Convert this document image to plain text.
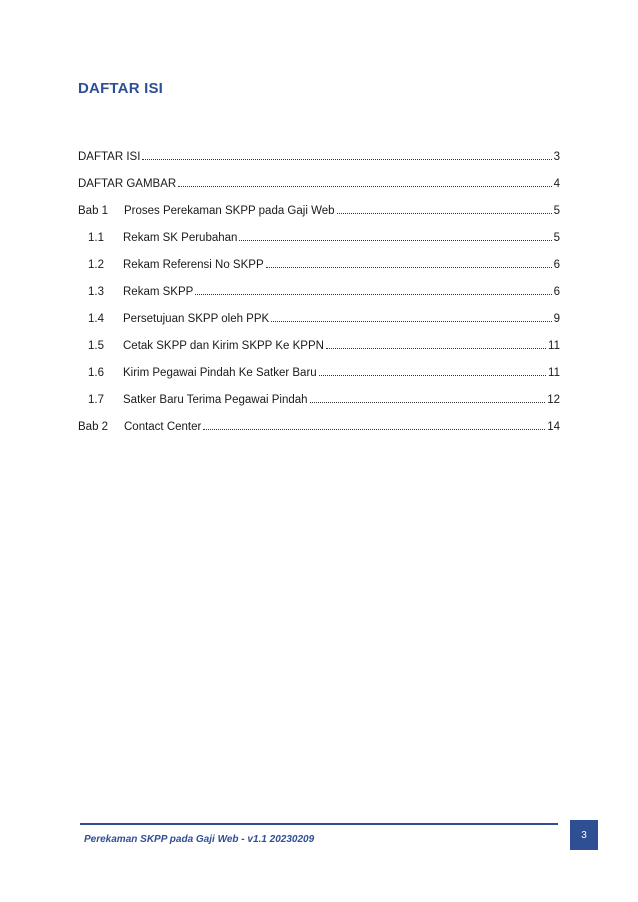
DAFTAR ISI
DAFTAR ISI	3
DAFTAR GAMBAR	4
Bab 1	Proses Perekaman SKPP pada Gaji Web	5
1.1	Rekam SK Perubahan	5
1.2	Rekam Referensi No SKPP	6
1.3	Rekam SKPP	6
1.4	Persetujuan SKPP oleh PPK	9
1.5	Cetak SKPP dan Kirim SKPP Ke KPPN	11
1.6	Kirim Pegawai Pindah Ke Satker Baru	11
1.7	Satker Baru Terima Pegawai Pindah	12
Bab 2	Contact Center	14
Perekaman SKPP pada Gaji Web - v1.1 20230209	3
